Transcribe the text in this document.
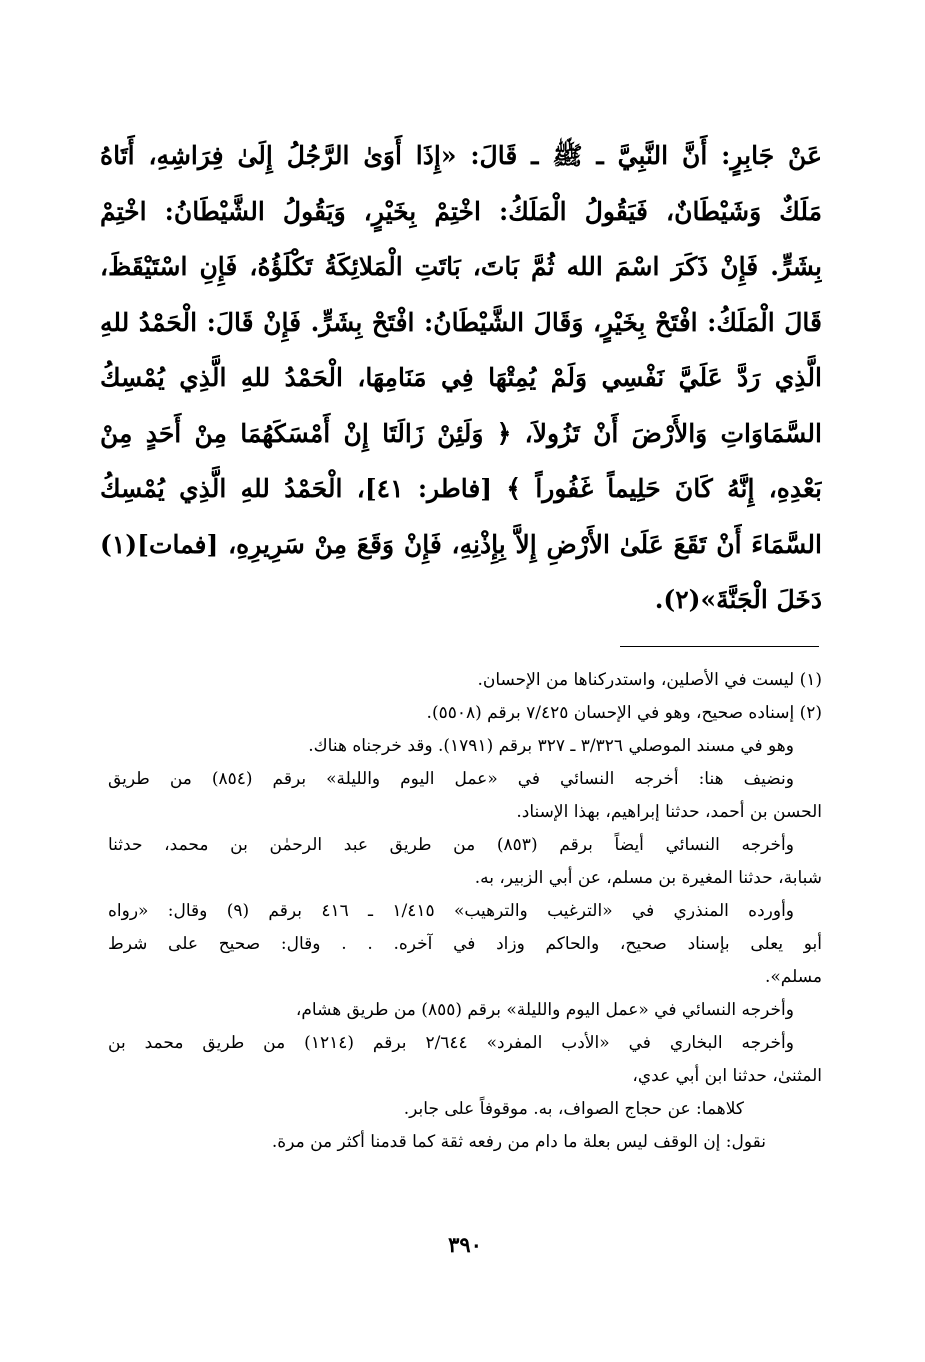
عَنْ جَابِرٍ: أَنَّ النَّبِيَّ ـ ﷺ ـ قَالَ: «إِذَا أَوَىٰ الرَّجُلُ إِلَىٰ فِرَاشِهِ، أَتَاهُ
مَلَكٌ وَشَيْطَانٌ، فَيَقُولُ الْمَلَكُ: اخْتِمْ بِخَيْرٍ، وَيَقُولُ الشَّيْطَانُ: اخْتِمْ
بِشَرٍّ. فَإِنْ ذَكَرَ اسْمَ الله ثُمَّ بَاتَ، بَاتَتِ الْمَلائِكَةُ تَكْلَؤُهُ، فَإِنِ اسْتَيْقَظَ،
قَالَ الْمَلَكُ: افْتَحْ بِخَيْرٍ، وَقَالَ الشَّيْطَانُ: افْتَحْ بِشَرٍّ. فَإِنْ قَالَ: الْحَمْدُ للهِ
الَّذِي رَدَّ عَلَيَّ نَفْسِي وَلَمْ يُمِتْهَا فِي مَنَامِهَا، الْحَمْدُ للهِ الَّذِي يُمْسِكُ
السَّمَاوَاتِ وَالأَرْضَ أَنْ تَزُولاَ، ﴿ وَلَئِنْ زَالَتَا إِنْ أَمْسَكَهُمَا مِنْ أَحَدٍ مِنْ
بَعْدِهِ، إِنَّهُ كَانَ حَلِيماً غَفُوراً ﴾ [فاطر: ٤١]، الْحَمْدُ للهِ الَّذِي يُمْسِكُ
السَّمَاءَ أَنْ تَقَعَ عَلَىٰ الأَرْضِ إِلاَّ بِإِذْنِهِ، فَإِنْ وَقَعَ مِنْ سَرِيرِهِ، [فمات](١)
دَخَلَ الْجَنَّةَ»(٢).
(١) ليست في الأصلين، واستدركناها من الإحسان.
(٢) إسناده صحيح، وهو في الإحسان ٧/٤٢٥ برقم (٥٥٠٨).
وهو في مسند الموصلي ٣/٣٢٦ ـ ٣٢٧ برقم (١٧٩١). وقد خرجناه هناك.
ونضيف هنا: أخرجه النسائي في «عمل اليوم والليلة» برقم (٨٥٤) من طريق
الحسن بن أحمد، حدثنا إبراهيم، بهذا الإسناد.
وأخرجه النسائي أيضاً برقم (٨٥٣) من طريق عبد الرحمٰن بن محمد، حدثنا
شبابة، حدثنا المغيرة بن مسلم، عن أبي الزبير، به.
وأورده المنذري في «الترغيب والترهيب» ١/٤١٥ ـ ٤١٦ برقم (٩) وقال: «رواه
أبو يعلى بإسناد صحيح، والحاكم وزاد في آخره. . . وقال: صحيح على شرط
مسلم».
وأخرجه النسائي في «عمل اليوم والليلة» برقم (٨٥٥) من طريق هشام،
وأخرجه البخاري في «الأدب المفرد» ٢/٦٤٤ برقم (١٢١٤) من طريق محمد بن
المثنىٰ، حدثنا ابن أبي عدي،
كلاهما: عن حجاج الصواف، به. موقوفاً على جابر.
نقول: إن الوقف ليس بعلة ما دام من رفعه ثقة كما قدمنا أكثر من مرة.
٣٩٠
